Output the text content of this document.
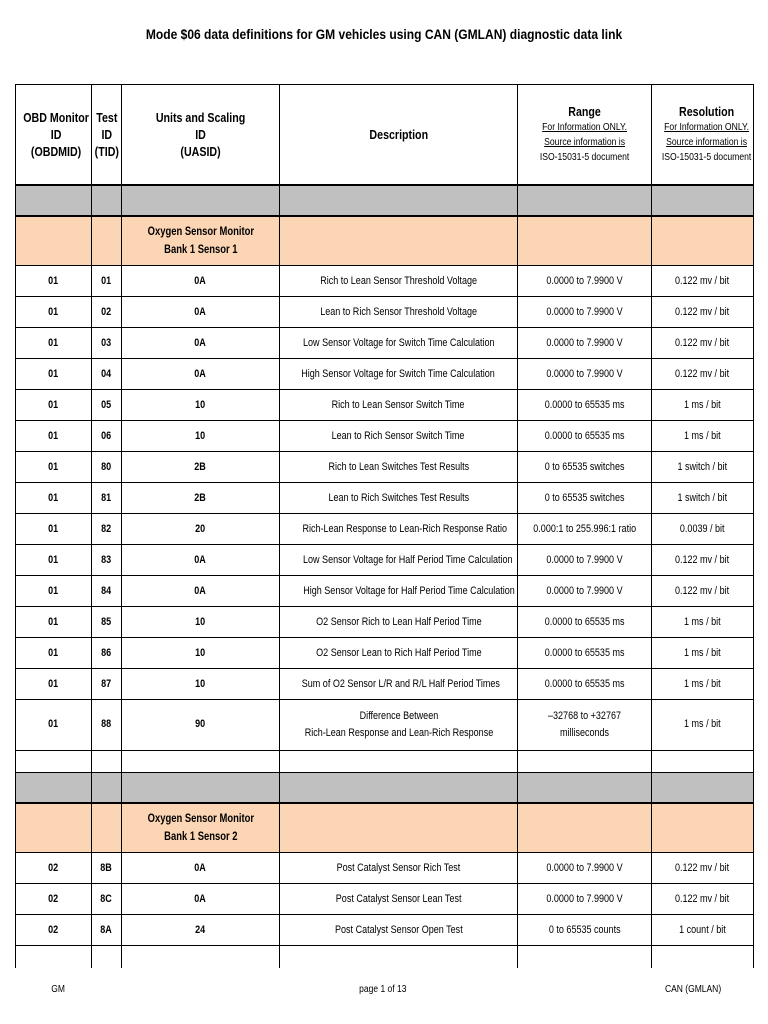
Mode $06 data definitions for GM vehicles using CAN (GMLAN) diagnostic data link
OBD Monitor
ID
(OBDMID)	Test
ID
(TID)	Units and Scaling
ID
(UASID)	Description	Range
For Information ONLY.
Source information is
ISO-15031-5 document	Resolution
For Information ONLY.
Source information is
ISO-15031-5 document

		Oxygen Sensor Monitor
Bank 1 Sensor 1			
01	01	0A	Rich to Lean Sensor Threshold Voltage	0.0000 to 7.9900 V	0.122 mv / bit
01	02	0A	Lean to Rich Sensor Threshold Voltage	0.0000 to 7.9900 V	0.122 mv / bit
01	03	0A	Low Sensor Voltage for Switch Time Calculation	0.0000 to 7.9900 V	0.122 mv / bit
01	04	0A	High Sensor Voltage for Switch Time Calculation	0.0000 to 7.9900 V	0.122 mv / bit
01	05	10	Rich to Lean Sensor Switch Time	0.0000 to 65535 ms	1 ms / bit
01	06	10	Lean to Rich Sensor Switch Time	0.0000 to 65535 ms	1 ms / bit
01	80	2B	Rich to Lean Switches Test Results	0 to 65535 switches	1 switch / bit
01	81	2B	Lean to Rich Switches Test Results	0 to 65535 switches	1 switch / bit
01	82	20	Rich-Lean Response to Lean-Rich Response Ratio	0.000:1 to 255.996:1 ratio	0.0039 / bit
01	83	0A	Low Sensor Voltage for Half Period Time Calculation	0.0000 to 7.9900 V	0.122 mv / bit
01	84	0A	High Sensor Voltage for Half Period Time Calculation	0.0000 to 7.9900 V	0.122 mv / bit
01	85	10	O2 Sensor Rich to Lean Half Period Time	0.0000 to 65535 ms	1 ms / bit
01	86	10	O2 Sensor Lean to Rich Half Period Time	0.0000 to 65535 ms	1 ms / bit
01	87	10	Sum of O2 Sensor L/R and R/L Half Period Times	0.0000 to 65535 ms	1 ms / bit
01	88	90	Difference Between
Rich-Lean Response and Lean-Rich Response	–32768 to +32767
milliseconds	1 ms / bit

		Oxygen Sensor Monitor
Bank 1 Sensor 2			
02	8B	0A	Post Catalyst Sensor Rich Test	0.0000 to 7.9900 V	0.122 mv / bit
02	8C	0A	Post Catalyst Sensor Lean Test	0.0000 to 7.9900 V	0.122 mv / bit
02	8A	24	Post Catalyst Sensor Open Test	0 to 65535 counts	1 count / bit

GM	page 1 of 13	CAN (GMLAN)
